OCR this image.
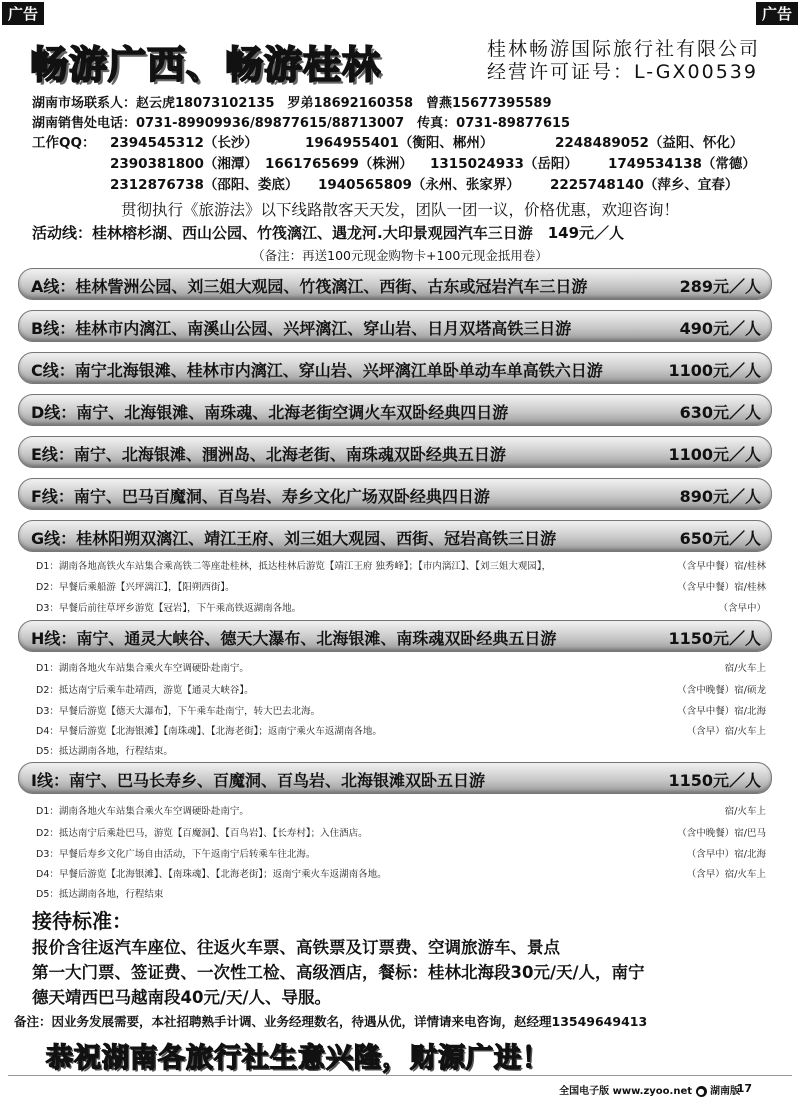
广告	广告
畅游广西、畅游桂林	桂林畅游国际旅行社有限公司
经营许可证号：L-GX00539
湖南市场联系人：赵云虎18073102135　罗弟18692160358　曾燕15677395589
湖南销售处电话：0731-89909936/89877615/88713007　传真：0731-89877615
工作QQ： 2394545312（长沙）	1964955401（衡阳、郴州）	2248489052（益阳、怀化）
2390381800（湘潭） 1661765699（株洲） 1315024933（岳阳） 1749534138（常德）
2312876738（邵阳、娄底） 1940565809（永州、张家界） 2225748140（萍乡、宜春）
贯彻执行《旅游法》以下线路散客天天发，团队一团一议，价格优惠，欢迎咨询！
活动线：桂林榕杉湖、西山公园、竹筏漓江、遇龙河.大印景观园汽车三日游　149元／人
（备注：再送100元现金购物卡+100元现金抵用卷）
A线：桂林訾洲公园、刘三姐大观园、竹筏漓江、西街、古东或冠岩汽车三日游	289元／人
B线：桂林市内漓江、南溪山公园、兴坪漓江、穿山岩、日月双塔高铁三日游	490元／人
C线：南宁北海银滩、桂林市内漓江、穿山岩、兴坪漓江单卧单动车单高铁六日游	1100元／人
D线：南宁、北海银滩、南珠魂、北海老街空调火车双卧经典四日游	630元／人
E线：南宁、北海银滩、涠洲岛、北海老街、南珠魂双卧经典五日游	1100元／人
F线：南宁、巴马百魔洞、百鸟岩、寿乡文化广场双卧经典四日游	890元／人
G线：桂林阳朔双漓江、靖江王府、刘三姐大观园、西街、冠岩高铁三日游	650元／人
D1：湖南各地高铁火车站集合乘高铁二等座赴桂林，抵达桂林后游览【靖江王府 独秀峰】；【市内漓江】、【刘三姐大观园】，	（含早中餐）宿/桂林
D2：早餐后乘船游【兴坪漓江】，【阳朔西街】。	（含早中餐）宿/桂林
D3：早餐后前往草坪乡游览【冠岩】，下午乘高铁返湖南各地。	（含早中）
H线：南宁、通灵大峡谷、德天大瀑布、北海银滩、南珠魂双卧经典五日游	1150元／人
D1：湖南各地火车站集合乘火车空调硬卧赴南宁。	宿/火车上
D2：抵达南宁后乘车赴靖西，游览【通灵大峡谷】。	（含中晚餐）宿/硕龙
D3：早餐后游览【德天大瀑布】，下午乘车赴南宁，转大巴去北海。	（含早中餐）宿/北海
D4：早餐后游览【北海银滩】【南珠魂】、【北海老街】；返南宁乘火车返湖南各地。	（含早）宿/火车上
D5：抵达湖南各地，行程结束。
I线：南宁、巴马长寿乡、百魔洞、百鸟岩、北海银滩双卧五日游	1150元／人
D1：湖南各地火车站集合乘火车空调硬卧赴南宁。	宿/火车上
D2：抵达南宁后乘赴巴马，游览【百魔洞】、【百鸟岩】、【长寿村】；入住酒店。	（含中晚餐）宿/巴马
D3：早餐后寿乡文化广场自由活动，下午返南宁后转乘车往北海。	（含早中）宿/北海
D4：早餐后游览【北海银滩】、【南珠魂】、【北海老街】；返南宁乘火车返湖南各地。	（含早）宿/火车上
D5：抵达湖南各地，行程结束
接待标准：
报价含往返汽车座位、往返火车票、高铁票及订票费、空调旅游车、景点
第一大门票、签证费、一次性工检、高级酒店，餐标：桂林北海段30元/天/人，南宁
德天靖西巴马越南段40元/天/人、导服。
备注：因业务发展需要，本社招聘熟手计调、业务经理数名，待遇从优，详情请来电咨询，赵经理13549649413
恭祝湖南各旅行社生意兴隆，财源广进！
全国电子版 www.zyoo.net ● 湖南版
17
